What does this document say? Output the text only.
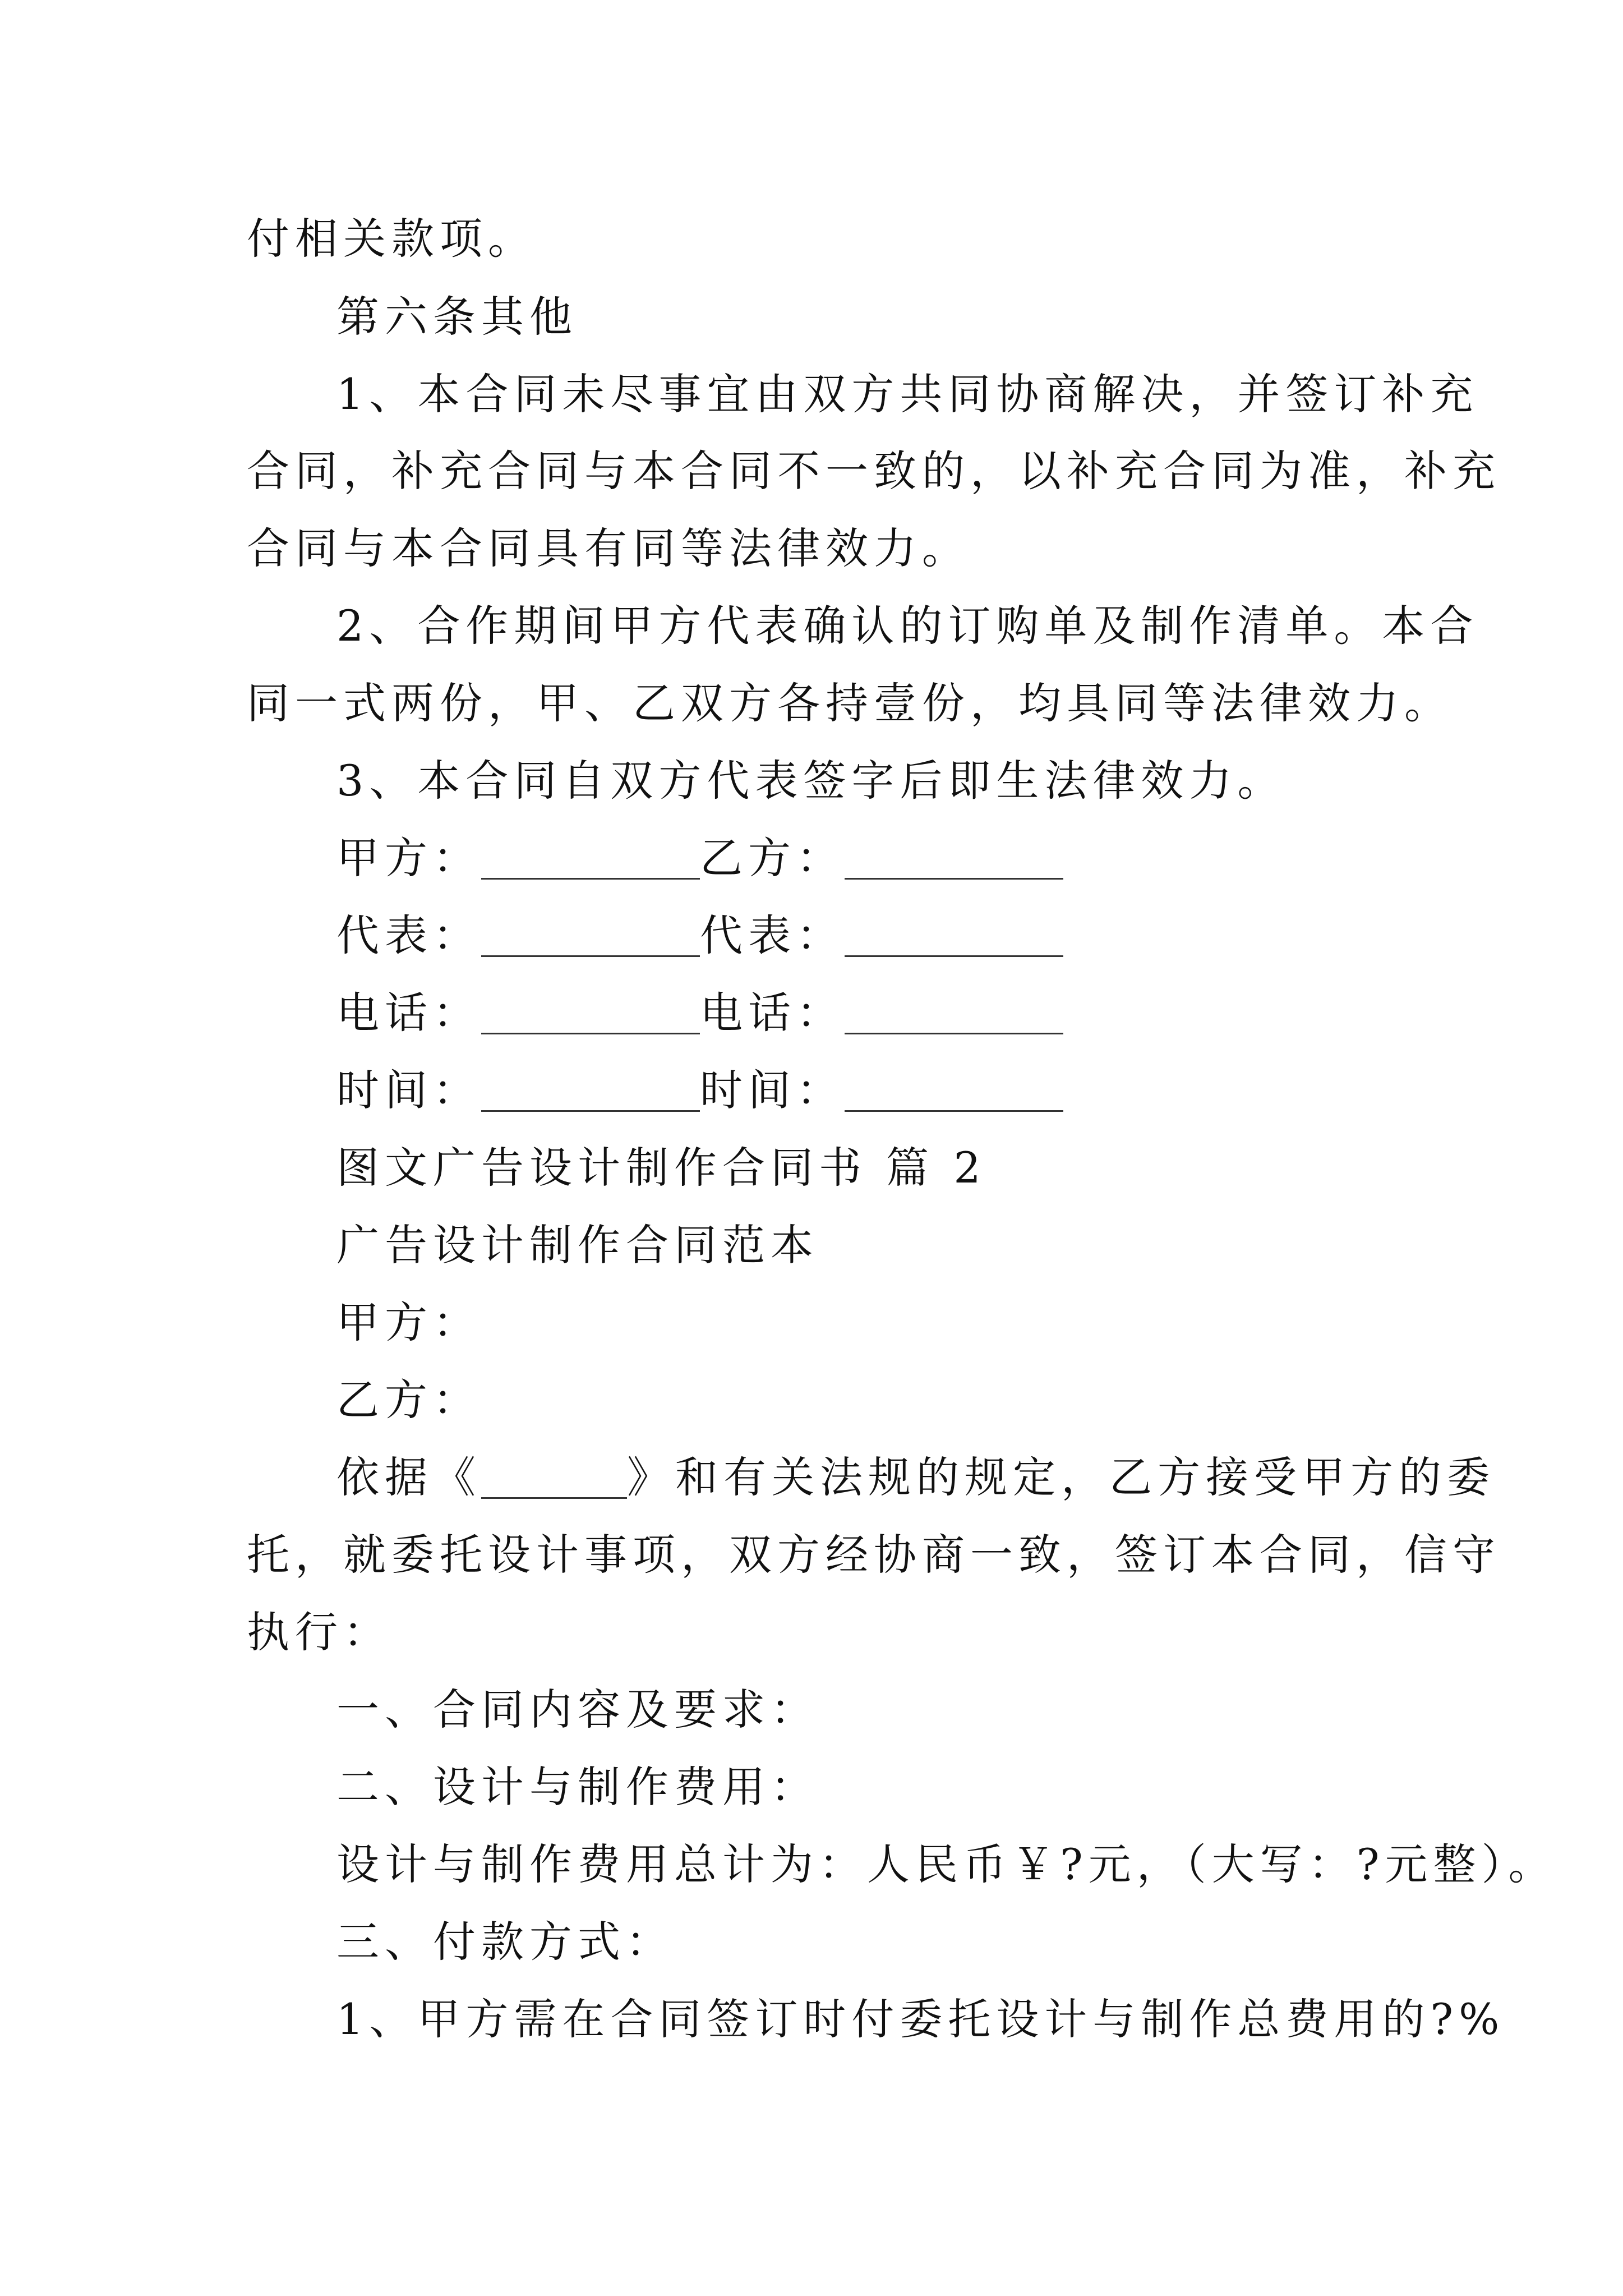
付相关款项。
第六条其他
1、本合同未尽事宜由双方共同协商解决，并签订补充
合同，补充合同与本合同不一致的，以补充合同为准，补充
合同与本合同具有同等法律效力。
2、合作期间甲方代表确认的订购单及制作清单。本合
同一式两份，甲、乙双方各持壹份，均具同等法律效力。
3、本合同自双方代表签字后即生法律效力。
甲方：	乙方：
代表：	代表：
电话：	电话：
时间：	时间：
图文广告设计制作合同书 篇 2
广告设计制作合同范本
甲方：
乙方：
依据《	》和有关法规的规定，乙方接受甲方的委
托，就委托设计事项，双方经协商一致，签订本合同，信守
执行：
一、合同内容及要求：
二、设计与制作费用：
设计与制作费用总计为：人民币￥?元，（大写：?元整）。
三、付款方式：
1、甲方需在合同签订时付委托设计与制作总费用的?%
